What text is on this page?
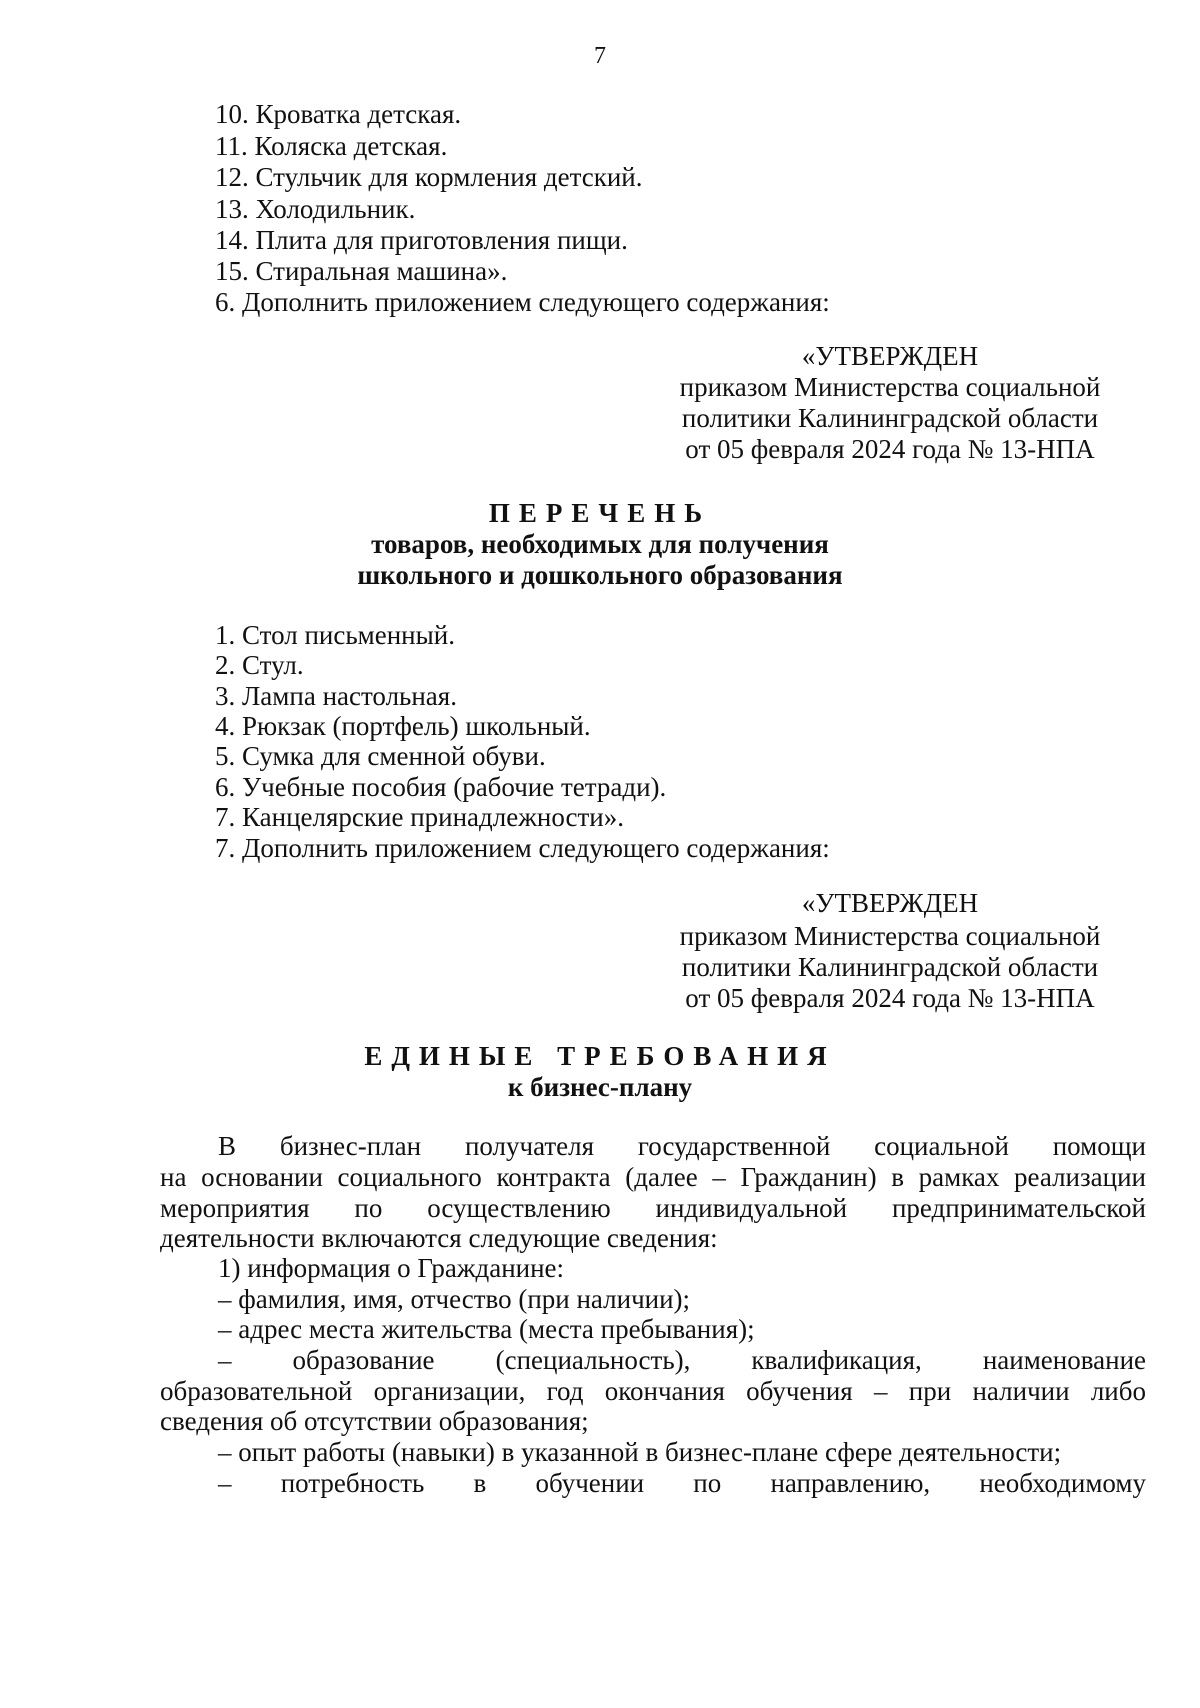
7
10. Кроватка детская.
11. Коляска детская.
12. Стульчик для кормления детский.
13. Холодильник.
14. Плита для приготовления пищи.
15. Стиральная машина».
6. Дополнить приложением следующего содержания:
«УТВЕРЖДЕН
приказом Министерства социальной
политики Калининградской области
от 05 февраля 2024 года № 13-НПА
ПЕРЕЧЕНЬ
товаров, необходимых для получения
школьного и дошкольного образования
1. Стол письменный.
2. Стул.
3. Лампа настольная.
4. Рюкзак (портфель) школьный.
5. Сумка для сменной обуви.
6. Учебные пособия (рабочие тетради).
7. Канцелярские принадлежности».
7. Дополнить приложением следующего содержания:
«УТВЕРЖДЕН
приказом Министерства социальной
политики Калининградской области
от 05 февраля 2024 года № 13-НПА
ЕДИНЫЕ ТРЕБОВАНИЯ
к бизнес-плану
В бизнес-план получателя государственной социальной помощи
на основании социального контракта (далее – Гражданин) в рамках реализации
мероприятия по осуществлению индивидуальной предпринимательской
деятельности включаются следующие сведения:
1) информация о Гражданине:
– фамилия, имя, отчество (при наличии);
– адрес места жительства (места пребывания);
– образование (специальность), квалификация, наименование
образовательной организации, год окончания обучения – при наличии либо
сведения об отсутствии образования;
– опыт работы (навыки) в указанной в бизнес-плане сфере деятельности;
– потребность в обучении по направлению, необходимому
